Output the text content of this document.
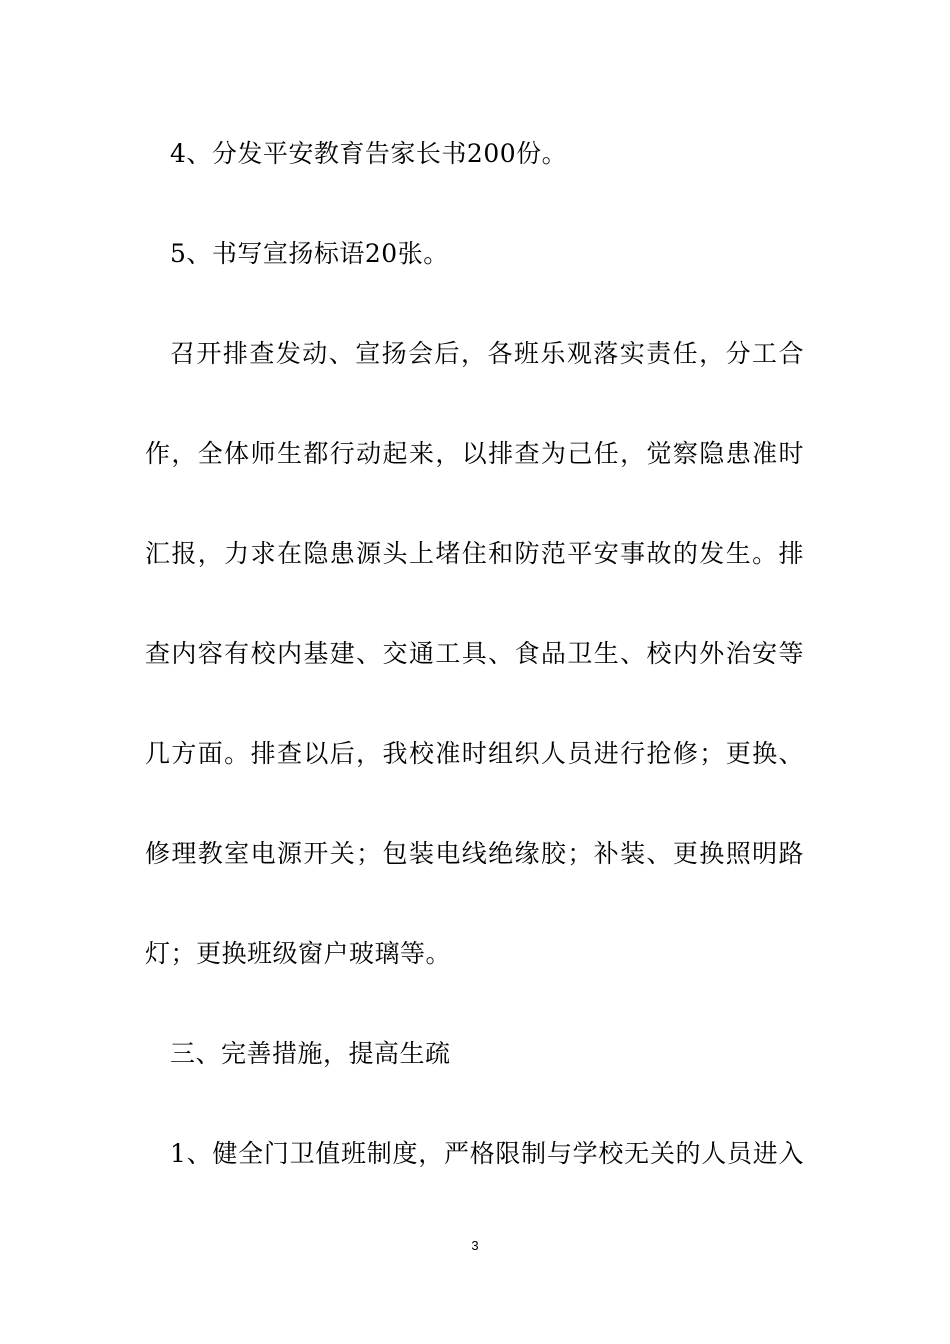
4、分发平安教育告家长书200份。
5、书写宣扬标语20张。
召开排查发动、宣扬会后，各班乐观落实责任，分工合
作，全体师生都行动起来，以排查为己任，觉察隐患准时
汇报，力求在隐患源头上堵住和防范平安事故的发生。排
查内容有校内基建、交通工具、食品卫生、校内外治安等
几方面。排查以后，我校准时组织人员进行抢修；更换、
修理教室电源开关；包装电线绝缘胶；补装、更换照明路
灯；更换班级窗户玻璃等。
三、完善措施，提高生疏
1、健全门卫值班制度，严格限制与学校无关的人员进入
3
